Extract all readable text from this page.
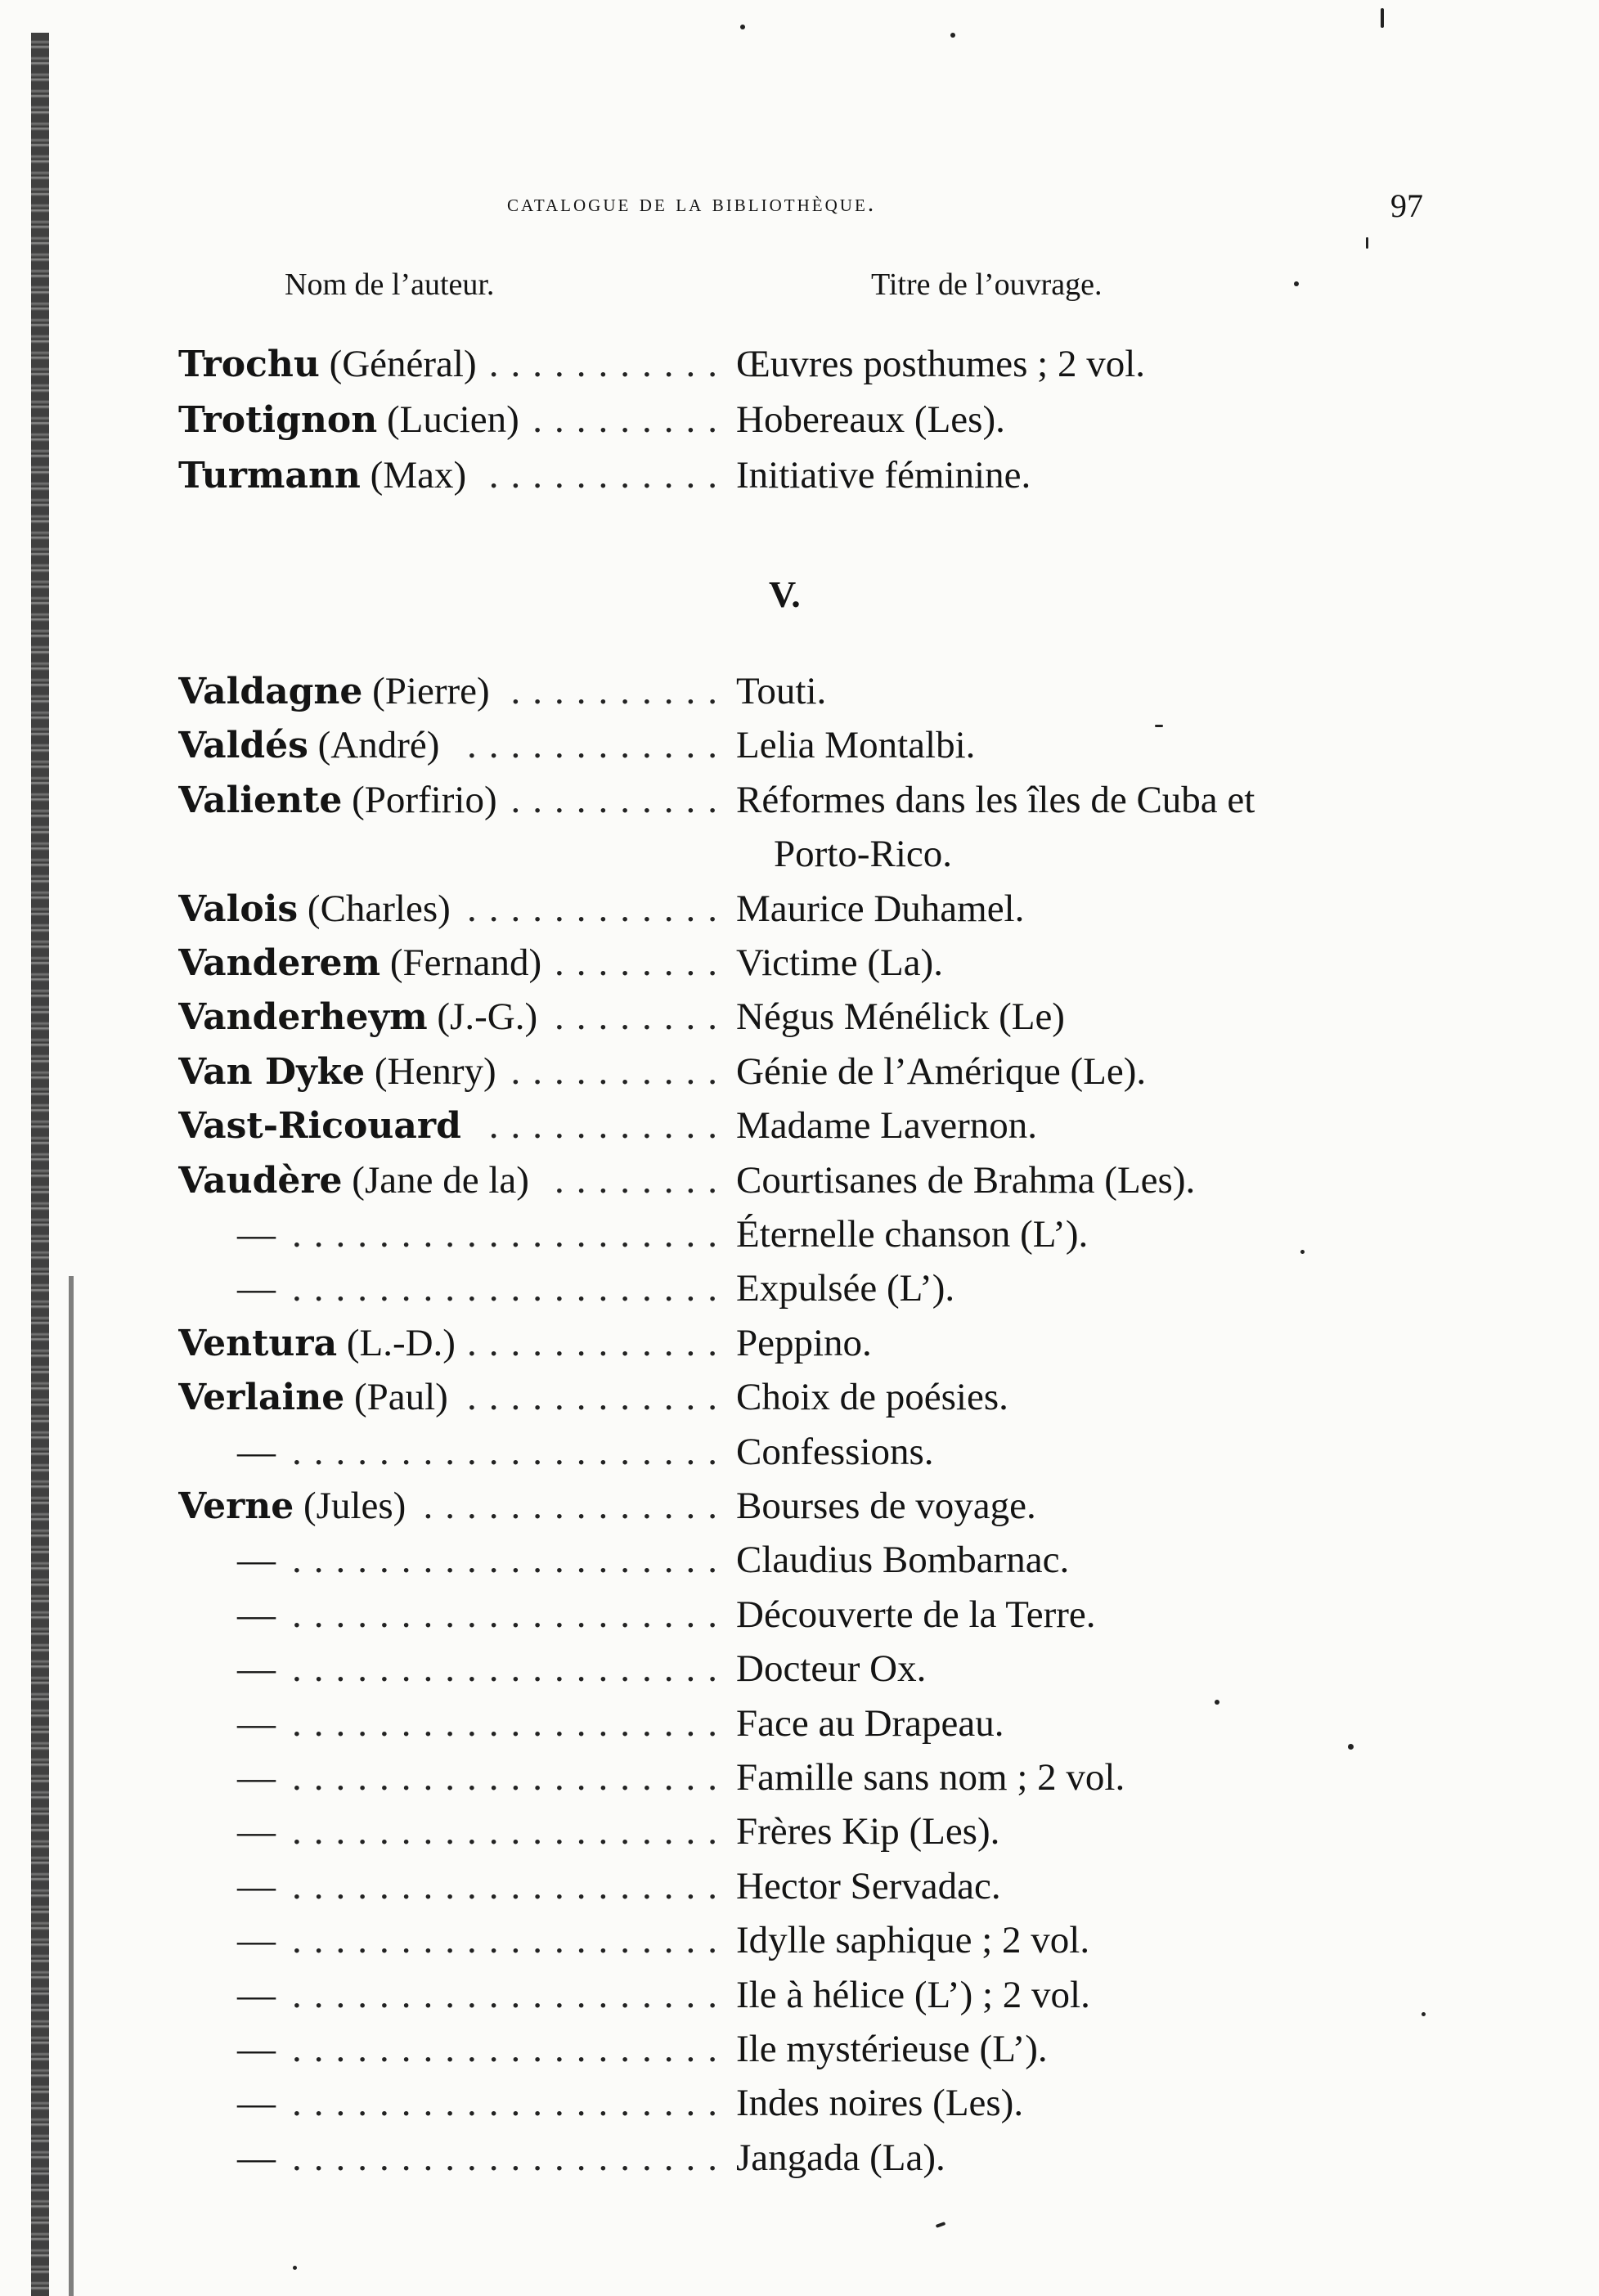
catalogue de la bibliothèque.	97
Nom de l’auteur.	Titre de l’ouvrage.
Trochu (Général) ........... Œuvres posthumes ; 2 vol.
Trotignon (Lucien) ......... Hobereaux (Les).
Turmann (Max) ........... Initiative féminine.
V.
Valdagne (Pierre) .......... Touti.
Valdés (André) ............ Lelia Montalbi.
Valiente (Porfirio) .......... Réformes dans les îles de Cuba et
Porto-Rico.
Valois (Charles) ............ Maurice Duhamel.
Vanderem (Fernand) ........ Victime (La).
Vanderheym (J.-G.) ........ Négus Ménélick (Le)
Van Dyke (Henry) .......... Génie de l’Amérique (Le).
Vast-Ricouard ........... Madame Lavernon.
Vaudère (Jane de la) ........ Courtisanes de Brahma (Les).
— .................... Éternelle chanson (L’).
— .................... Expulsée (L’).
Ventura (L.-D.) ............ Peppino.
Verlaine (Paul) ............ Choix de poésies.
— .................... Confessions.
Verne (Jules) .............. Bourses de voyage.
— .................... Claudius Bombarnac.
— .................... Découverte de la Terre.
— .................... Docteur Ox.
— .................... Face au Drapeau.
— .................... Famille sans nom ; 2 vol.
— .................... Frères Kip (Les).
— .................... Hector Servadac.
— .................... Idylle saphique ; 2 vol.
— .................... Ile à hélice (L’) ; 2 vol.
— .................... Ile mystérieuse (L’).
— .................... Indes noires (Les).
— .................... Jangada (La).
